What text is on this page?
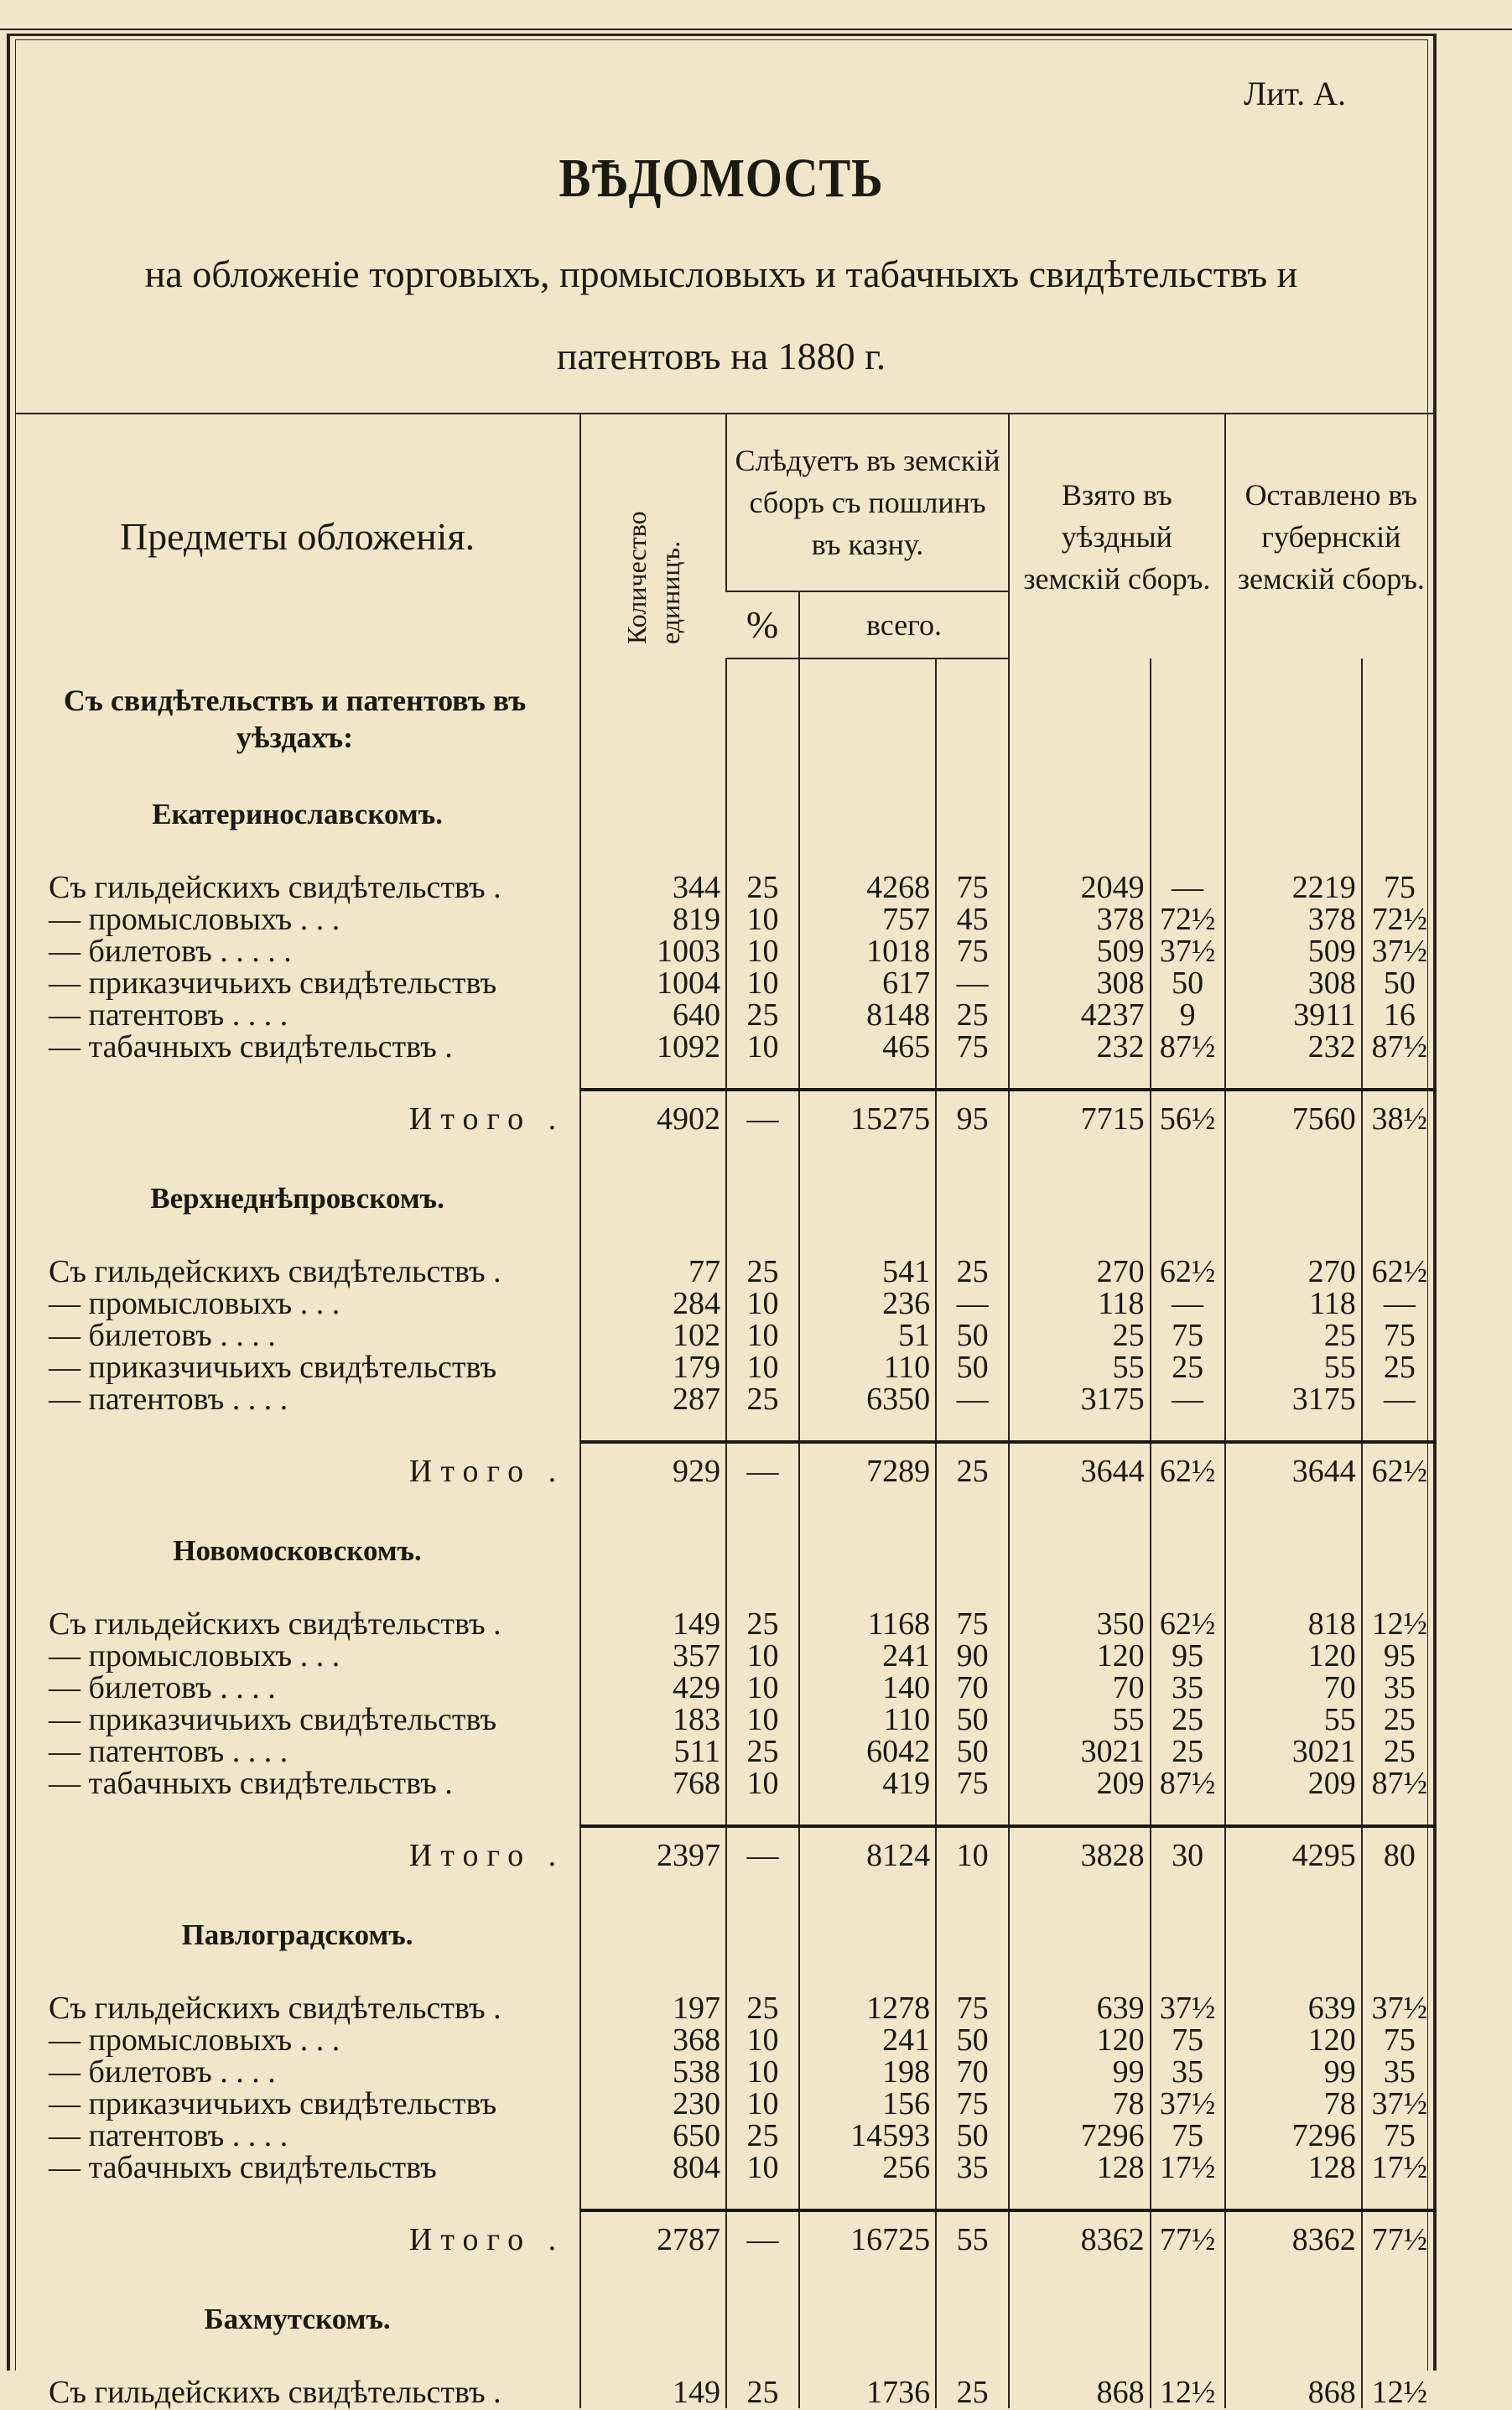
Лит. А.
ВѢДОМОСТЬ
на обложеніе торговыхъ, промысловыхъ и табачныхъ свидѣтельствъ и
патентовъ на 1880 г.
Предметы обложенія.	Количество единицъ.	Слѣдуетъ въ земскій сборъ съ пошлинъ въ казну.			Взято въ уѣздный земскій сборъ.		Оставлено въ губернскій земскій сборъ.	
		%	всего.					
Съ свидѣтельствъ и патентовъ въ уѣздахъ:								
Екатеринославскомъ.								
Съ гильдейскихъ свидѣтельствъ .	344	25	4268	75	2049	—	2219	75
— промысловыхъ . . .	819	10	757	45	378	72½	378	72½
— билетовъ . . . . .	1003	10	1018	75	509	37½	509	37½
— приказчичьихъ свидѣтельствъ	1004	10	617	—	308	50	308	50
— патентовъ . . . .	640	25	8148	25	4237	9	3911	16
— табачныхъ свидѣтельствъ .	1092	10	465	75	232	87½	232	87½

Итого .	4902	—	15275	95	7715	56½	7560	38½
Верхнеднѣпровскомъ.								
Съ гильдейскихъ свидѣтельствъ .	77	25	541	25	270	62½	270	62½
— промысловыхъ . . .	284	10	236	—	118	—	118	—
— билетовъ . . . .	102	10	51	50	25	75	25	75
— приказчичьихъ свидѣтельствъ	179	10	110	50	55	25	55	25
— патентовъ . . . .	287	25	6350	—	3175	—	3175	—

Итого .	929	—	7289	25	3644	62½	3644	62½
Новомосковскомъ.								
Съ гильдейскихъ свидѣтельствъ .	149	25	1168	75	350	62½	818	12½
— промысловыхъ . . .	357	10	241	90	120	95	120	95
— билетовъ . . . .	429	10	140	70	70	35	70	35
— приказчичьихъ свидѣтельствъ	183	10	110	50	55	25	55	25
— патентовъ . . . .	511	25	6042	50	3021	25	3021	25
— табачныхъ свидѣтельствъ .	768	10	419	75	209	87½	209	87½

Итого .	2397	—	8124	10	3828	30	4295	80
Павлоградскомъ.								
Съ гильдейскихъ свидѣтельствъ .	197	25	1278	75	639	37½	639	37½
— промысловыхъ . . .	368	10	241	50	120	75	120	75
— билетовъ . . . .	538	10	198	70	99	35	99	35
— приказчичьихъ свидѣтельствъ	230	10	156	75	78	37½	78	37½
— патентовъ . . . .	650	25	14593	50	7296	75	7296	75
— табачныхъ свидѣтельствъ	804	10	256	35	128	17½	128	17½

Итого .	2787	—	16725	55	8362	77½	8362	77½
Бахмутскомъ.								
Съ гильдейскихъ свидѣтельствъ .	149	25	1736	25	868	12½	868	12½
